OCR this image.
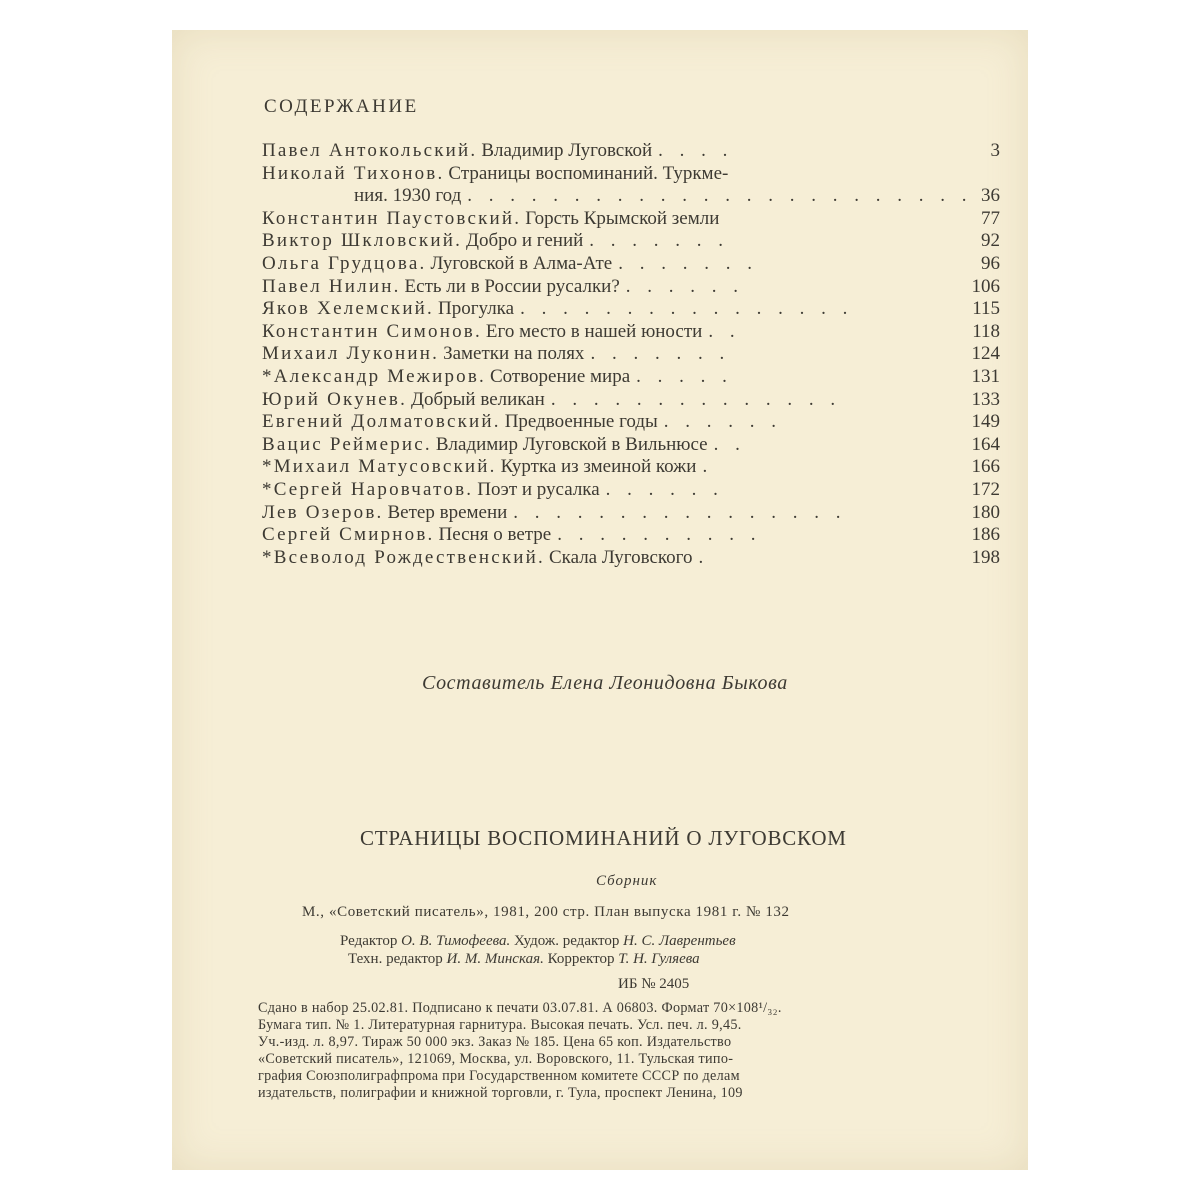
СОДЕРЖАНИЕ
Павел Антокольский. Владимир Луговской . . . .	3
Николай Тихонов. Страницы воспоминаний. Туркме-
ния. 1930 год . . . . . . . . . . . . . . . . . . . . . . . . 36
Константин Паустовский. Горсть Крымской земли	77
Виктор Шкловский. Добро и гений . . . . . . .	92
Ольга Грудцова. Луговской в Алма-Ате . . . . . . .	96
Павел Нилин. Есть ли в России русалки? . . . . . .	106
Яков Хелемский. Прогулка . . . . . . . . . . . . . . . .	115
Константин Симонов. Его место в нашей юности . .	118
Михаил Луконин. Заметки на полях . . . . . . .	124
*Александр Межиров. Сотворение мира . . . . .	131
Юрий Окунев. Добрый великан . . . . . . . . . . . . . .	133
Евгений Долматовский. Предвоенные годы . . . . . .	149
Вацис Реймерис. Владимир Луговской в Вильнюсе . .	164
*Михаил Матусовский. Куртка из змеиной кожи .	166
*Сергей Наровчатов. Поэт и русалка . . . . . .	172
Лев Озеров. Ветер времени . . . . . . . . . . . . . . . .	180
Сергей Смирнов. Песня о ветре . . . . . . . . . .	186
*Всеволод Рождественский. Скала Луговского .	198
Составитель Елена Леонидовна Быкова
СТРАНИЦЫ ВОСПОМИНАНИЙ О ЛУГОВСКОМ
Сборник
М., «Советский писатель», 1981, 200 стр. План выпуска 1981 г. № 132
Редактор О. В. Тимофеева. Худож. редактор Н. С. Лаврентьев
Техн. редактор И. М. Минская. Корректор Т. Н. Гуляева
ИБ № 2405
Сдано в набор 25.02.81. Подписано к печати 03.07.81. А 06803. Формат 70×108¹/₃₂.
Бумага тип. № 1. Литературная гарнитура. Высокая печать. Усл. печ. л. 9,45.
Уч.-изд. л. 8,97. Тираж 50 000 экз. Заказ № 185. Цена 65 коп. Издательство
«Советский писатель», 121069, Москва, ул. Воровского, 11. Тульская типо-
графия Союзполиграфпрома при Государственном комитете СССР по делам
издательств, полиграфии и книжной торговли, г. Тула, проспект Ленина, 109
